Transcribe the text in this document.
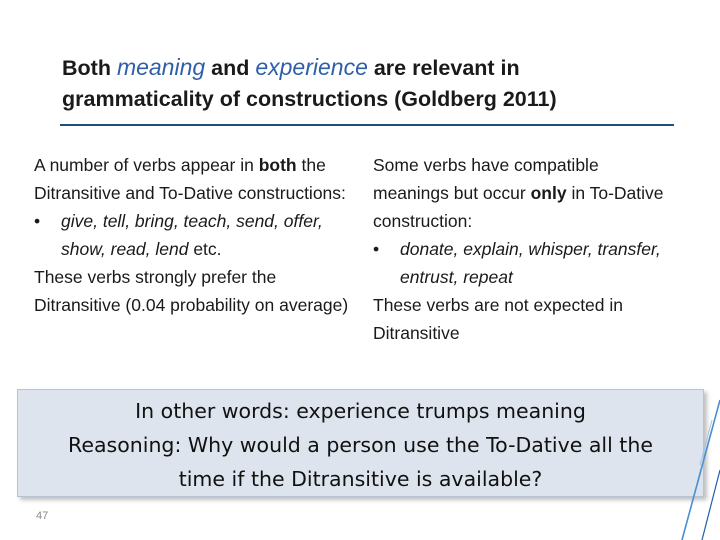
Both meaning and experience are relevant in
grammaticality of constructions (Goldberg 2011)

A number of verbs appear in both the Ditransitive and To-Dative constructions:

• give, tell, bring, teach, send, offer, show, read, lend etc.

These verbs strongly prefer the Ditransitive (0.04 probability on average)

Some verbs have compatible meanings but occur only in To-Dative construction:

• donate, explain, whisper, transfer, entrust, repeat

These verbs are not expected in Ditransitive

In other words: experience trumps meaning
Reasoning: Why would a person use the To-Dative all the
time if the Ditransitive is available?
47
